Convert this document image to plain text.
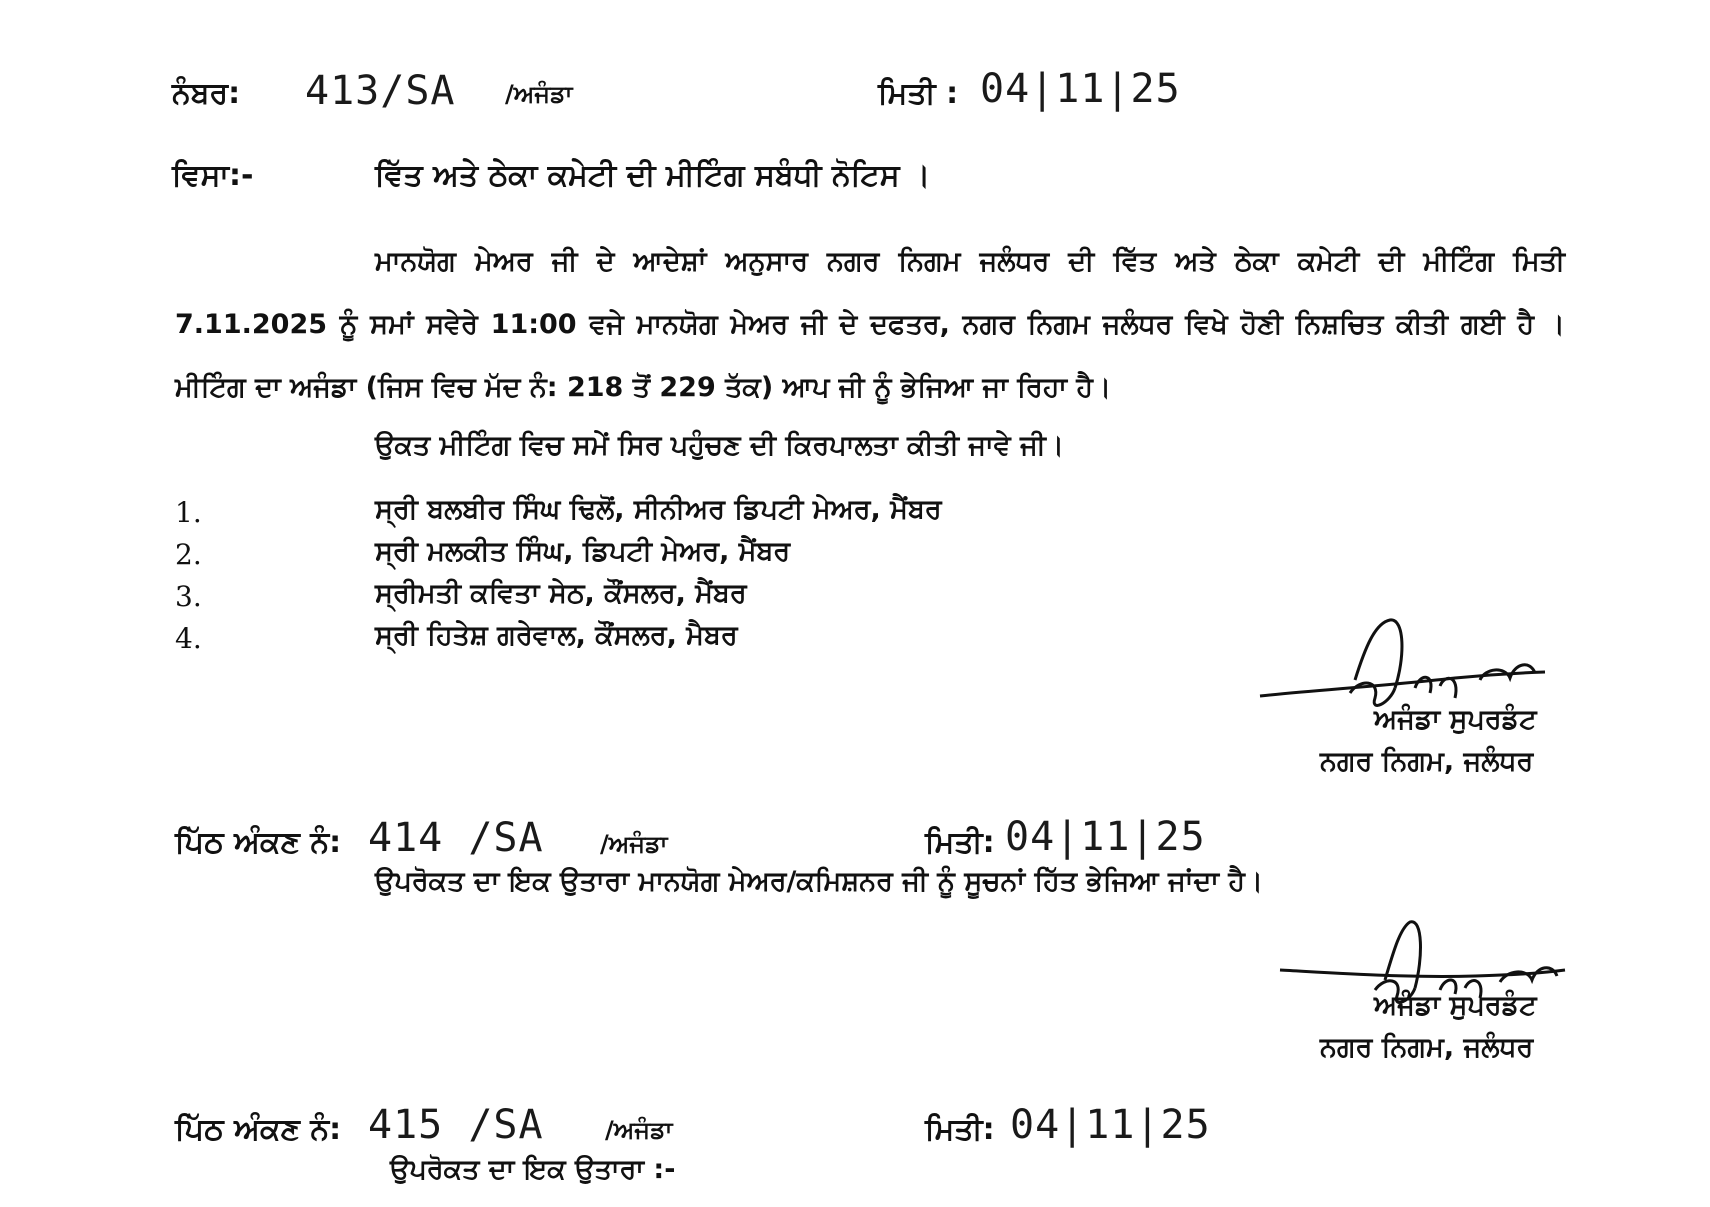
ਨੰਬਰ: 413/SA /ਅਜੰਡਾ	ਮਿਤੀ : 04|11|25
ਵਿਸਾ:-	ਵਿੱਤ ਅਤੇ ਠੇਕਾ ਕਮੇਟੀ ਦੀ ਮੀਟਿੰਗ ਸਬੰਧੀ ਨੋਟਿਸ ।
ਮਾਨਯੋਗ ਮੇਅਰ ਜੀ ਦੇ ਆਦੇਸ਼ਾਂ ਅਨੁਸਾਰ ਨਗਰ ਨਿਗਮ ਜਲੰਧਰ ਦੀ ਵਿੱਤ ਅਤੇ ਠੇਕਾ ਕਮੇਟੀ ਦੀ ਮੀਟਿੰਗ ਮਿਤੀ 7.11.2025 ਨੂੰ ਸਮਾਂ ਸਵੇਰੇ 11:00 ਵਜੇ ਮਾਨਯੋਗ ਮੇਅਰ ਜੀ ਦੇ ਦਫਤਰ, ਨਗਰ ਨਿਗਮ ਜਲੰਧਰ ਵਿਖੇ ਹੋਣੀ ਨਿਸ਼ਚਿਤ ਕੀਤੀ ਗਈ ਹੈ । ਮੀਟਿੰਗ ਦਾ ਅਜੰਡਾ (ਜਿਸ ਵਿਚ ਮੱਦ ਨੰ: 218 ਤੋਂ 229 ਤੱਕ) ਆਪ ਜੀ ਨੂੰ ਭੇਜਿਆ ਜਾ ਰਿਹਾ ਹੈ।
ਉਕਤ ਮੀਟਿੰਗ ਵਿਚ ਸਮੇਂ ਸਿਰ ਪਹੁੰਚਣ ਦੀ ਕਿਰਪਾਲਤਾ ਕੀਤੀ ਜਾਵੇ ਜੀ।
1.	ਸ੍ਰੀ ਬਲਬੀਰ ਸਿੰਘ ਢਿਲੋਂ, ਸੀਨੀਅਰ ਡਿਪਟੀ ਮੇਅਰ, ਮੈਂਬਰ
2.	ਸ੍ਰੀ ਮਲਕੀਤ ਸਿੰਘ, ਡਿਪਟੀ ਮੇਅਰ, ਮੈਂਬਰ
3.	ਸ੍ਰੀਮਤੀ ਕਵਿਤਾ ਸੇਠ, ਕੌਂਸਲਰ, ਮੈਂਬਰ
4.	ਸ੍ਰੀ ਹਿਤੇਸ਼ ਗਰੇਵਾਲ, ਕੌਂਸਲਰ, ਮੈਬਰ
ਅਜੰਡਾ ਸੁਪਰਡੰਟ
ਨਗਰ ਨਿਗਮ, ਜਲੰਧਰ
ਪਿੱਠ ਅੰਕਣ ਨੰ: 414 /SA /ਅਜੰਡਾ	ਮਿਤੀ: 04|11|25
ਉਪਰੋਕਤ ਦਾ ਇਕ ਉਤਾਰਾ ਮਾਨਯੋਗ ਮੇਅਰ/ਕਮਿਸ਼ਨਰ ਜੀ ਨੂੰ ਸੂਚਨਾਂ ਹਿੱਤ ਭੇਜਿਆ ਜਾਂਦਾ ਹੈ।
ਅਜੰਡਾ ਸੁਪਰਡੰਟ
ਨਗਰ ਨਿਗਮ, ਜਲੰਧਰ
ਪਿੱਠ ਅੰਕਣ ਨੰ: 415 /SA	/ਅਜੰਡਾ	ਮਿਤੀ: 04|11|25
ਉਪਰੋਕਤ ਦਾ ਇਕ ਉਤਾਰਾ :-
